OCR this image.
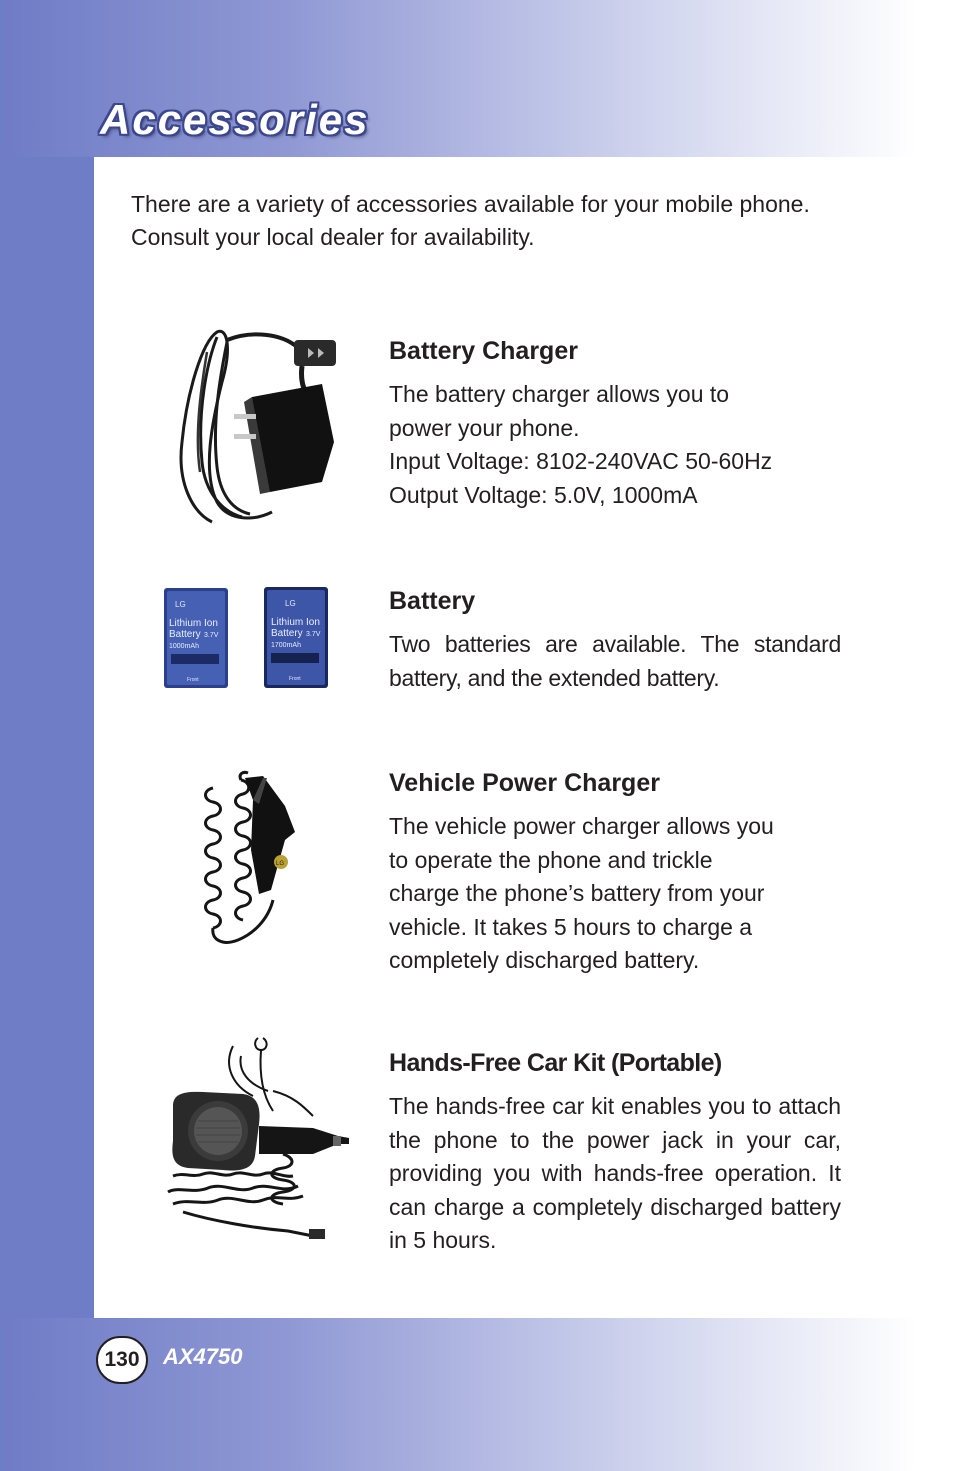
Accessories

There are a variety of accessories available for your mobile phone. Consult your local dealer for availability.

LG
Lithium Ion
Battery 3.7V
1000mAh
Front
LG
Lithium Ion
Battery 3.7V
1700mAh
Front
LG
Battery Charger

The battery charger allows you to
power your phone.
Input Voltage: 8102-240VAC 50-60Hz
Output Voltage: 5.0V, 1000mA

Battery

Two batteries are available. The standard battery, and the extended battery.

Vehicle Power Charger

The vehicle power charger allows you
to operate the phone and trickle
charge the phone’s battery from your
vehicle. It takes 5 hours to charge a
completely discharged battery.

Hands-Free Car Kit (Portable)

The hands-free car kit enables you to attach the phone to the power jack in your car, providing you with hands-free operation. It can charge a completely discharged battery in 5 hours.

130	AX4750
